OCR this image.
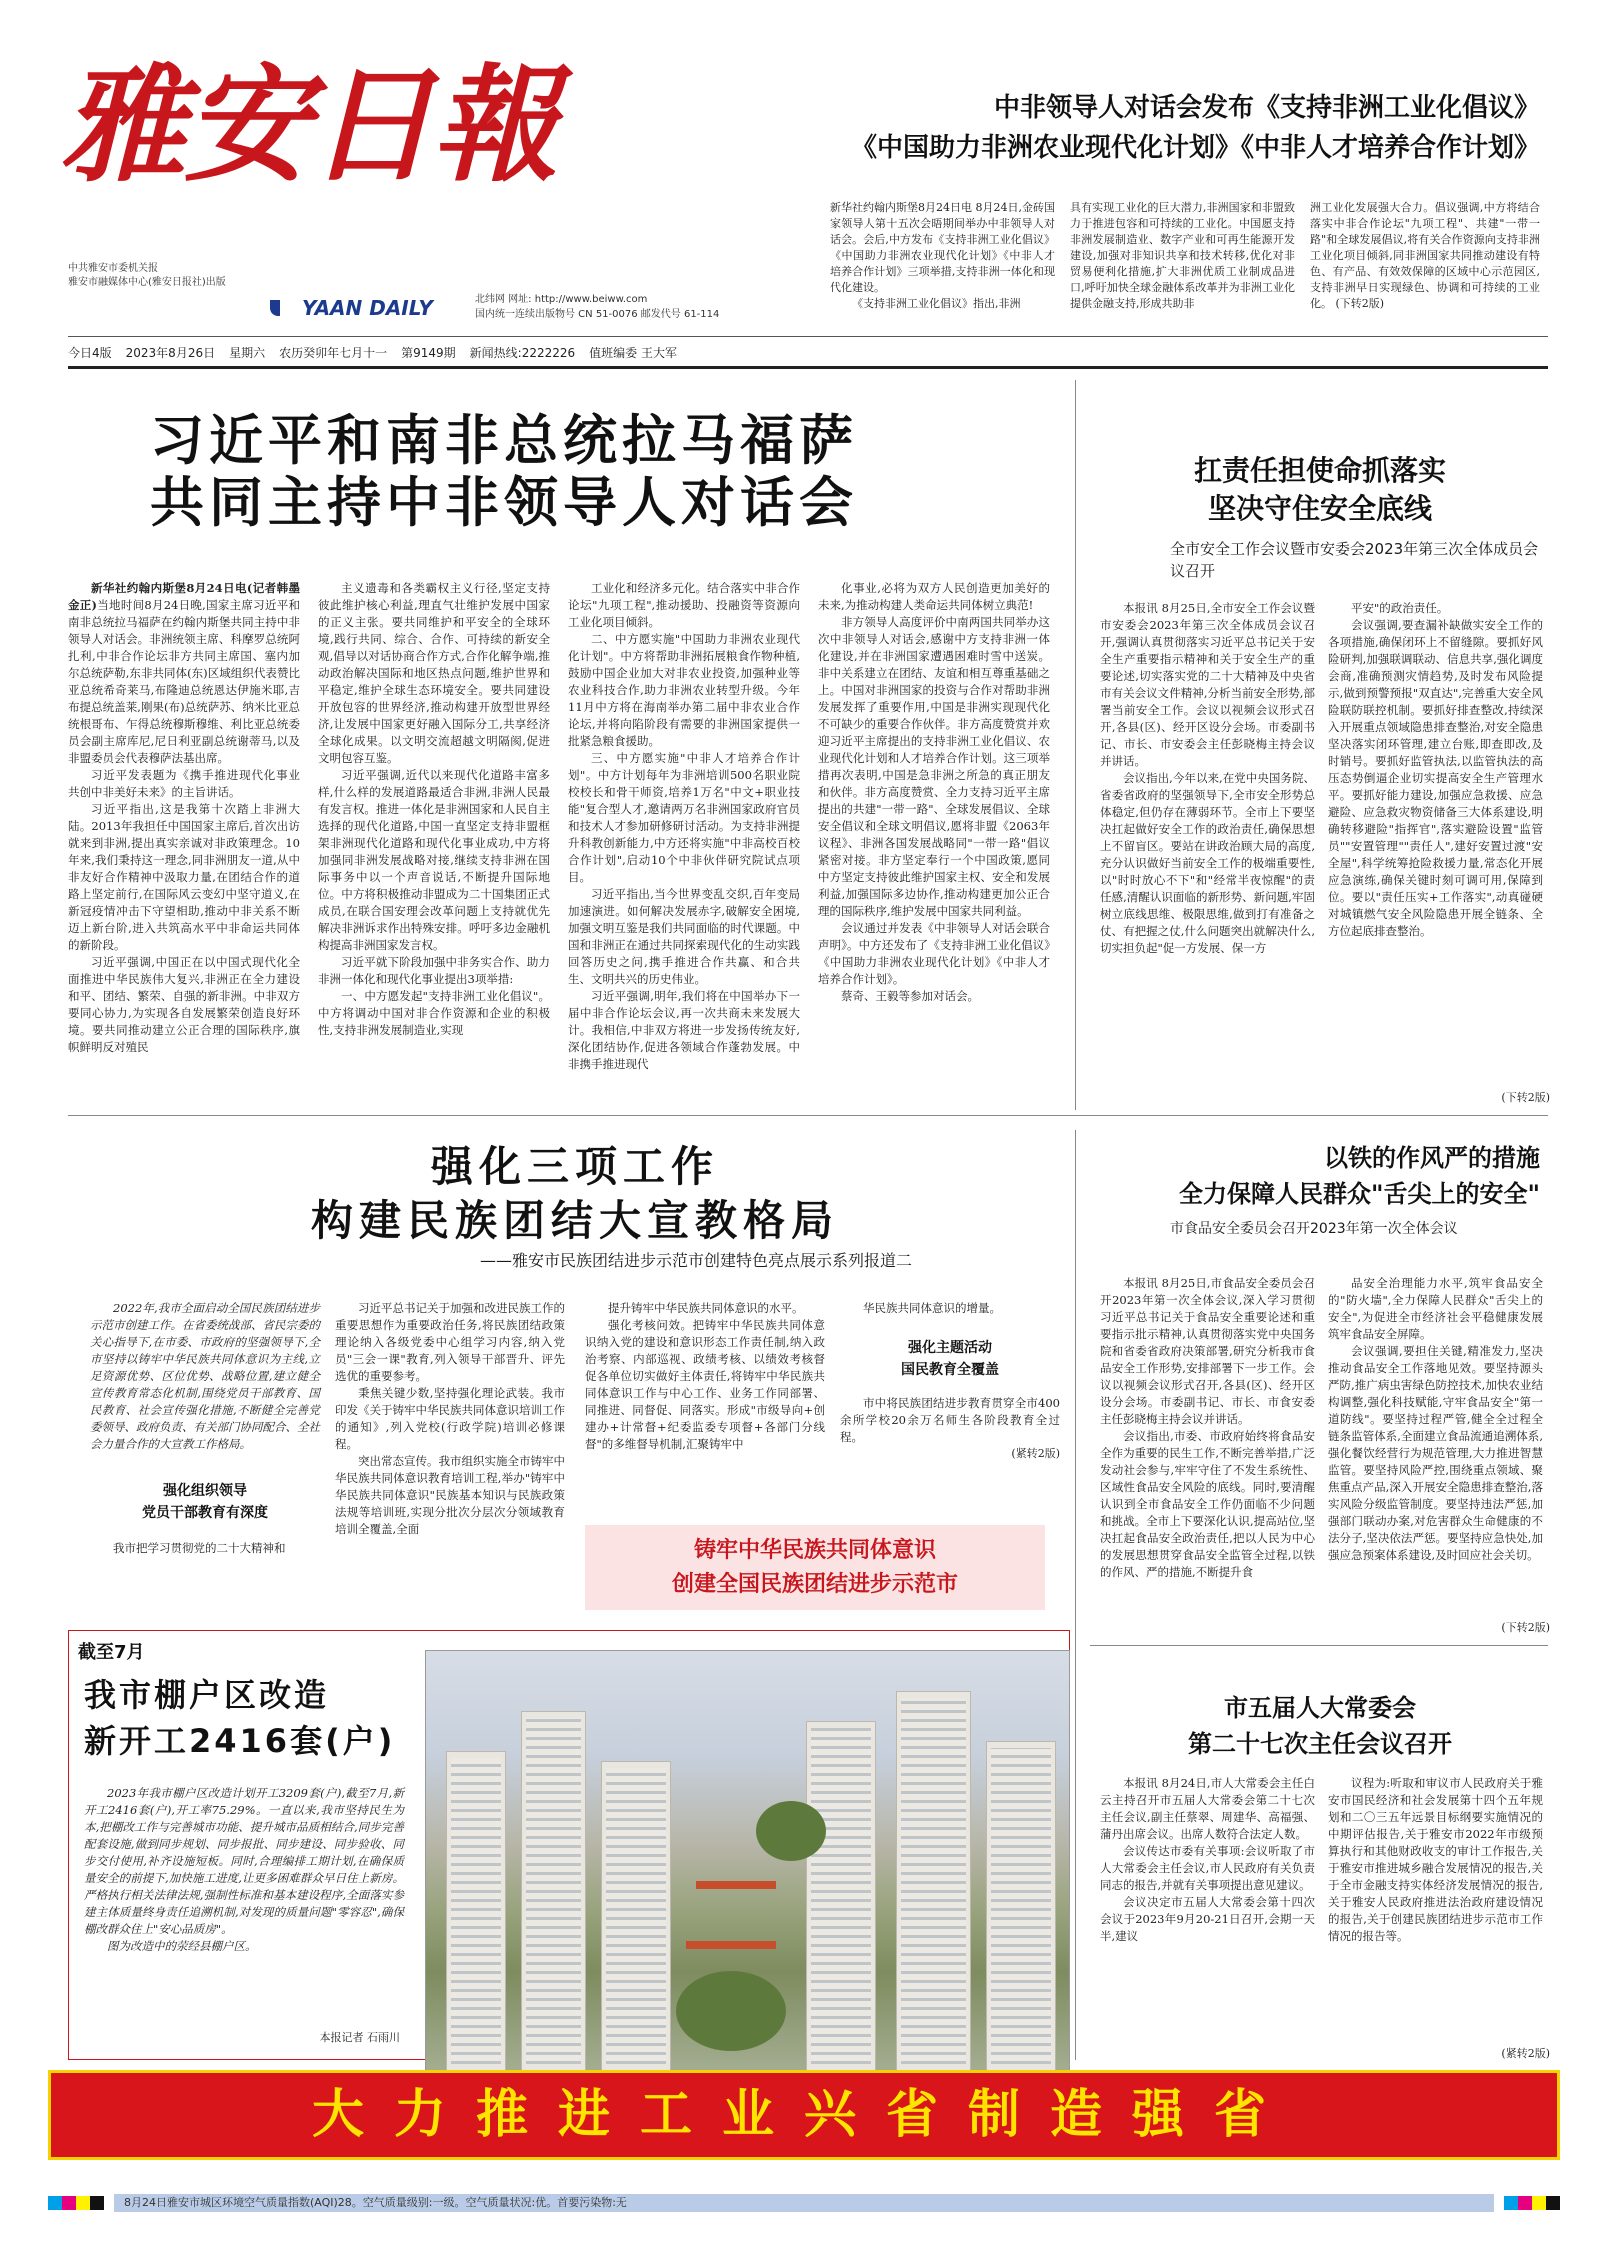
雅安日報
中共雅安市委机关报
雅安市融媒体中心(雅安日报社)出版
YAAN DAILY	北纬网 网址: http://www.beiww.com
国内统一连续出版物号 CN 51-0076 邮发代号 61-114
中非领导人对话会发布《支持非洲工业化倡议》
《中国助力非洲农业现代化计划》《中非人才培养合作计划》

新华社约翰内斯堡8月24日电 8月24日,金砖国家领导人第十五次会晤期间举办中非领导人对话会。会后,中方发布《支持非洲工业化倡议》《中国助力非洲农业现代化计划》《中非人才培养合作计划》三项举措,支持非洲一体化和现代化建设。

《支持非洲工业化倡议》指出,非洲

具有实现工业化的巨大潜力,非洲国家和非盟致力于推进包容和可持续的工业化。中国愿支持非洲发展制造业、数字产业和可再生能源开发建设,加强对非知识共享和技术转移,优化对非贸易便利化措施,扩大非洲优质工业制成品进口,呼吁加快全球金融体系改革并为非洲工业化提供金融支持,形成共助非
洲工业化发展强大合力。倡议强调,中方将结合落实中非合作论坛"九项工程"、共建"一带一路"和全球发展倡议,将有关合作资源向支持非洲工业化项目倾斜,同非洲国家共同推动建设有特色、有产品、有效效保障的区域中心示范园区,支持非洲早日实现绿色、协调和可持续的工业化。 (下转2版)
今日4版 2023年8月26日 星期六 农历癸卯年七月十一 第9149期 新闻热线:2222226 值班编委 王大军
习近平和南非总统拉马福萨
共同主持中非领导人对话会

新华社约翰内斯堡8月24日电(记者韩墨 金正)当地时间8月24日晚,国家主席习近平和南非总统拉马福萨在约翰内斯堡共同主持中非领导人对话会。非洲统领主席、科摩罗总统阿扎利,中非合作论坛非方共同主席国、塞内加尔总统萨勒,东非共同体(东)区域组织代表赞比亚总统希奇莱马,布隆迪总统恩达伊施米耶,吉布提总统盖莱,刚果(布)总统萨苏、纳米比亚总统根哥布、乍得总统穆斯穆维、利比亚总统委员会副主席库尼,尼日利亚副总统谢蒂马,以及非盟委员会代表穆萨法基出席。

习近平发表题为《携手推进现代化事业 共创中非美好未来》的主旨讲话。

习近平指出,这是我第十次踏上非洲大陆。2013年我担任中国国家主席后,首次出访就来到非洲,提出真实亲诚对非政策理念。10年来,我们秉持这一理念,同非洲朋友一道,从中非友好合作精神中汲取力量,在团结合作的道路上坚定前行,在国际风云变幻中坚守道义,在新冠疫情冲击下守望相助,推动中非关系不断迈上新台阶,进入共筑高水平中非命运共同体的新阶段。

习近平强调,中国正在以中国式现代化全面推进中华民族伟大复兴,非洲正在全力建设和平、团结、繁荣、自强的新非洲。中非双方要同心协力,为实现各自发展繁荣创造良好环境。要共同推动建立公正合理的国际秩序,旗帜鲜明反对殖民

主义遗毒和各类霸权主义行径,坚定支持彼此维护核心利益,理直气壮维护发展中国家的正义主张。要共同维护和平安全的全球环境,践行共同、综合、合作、可持续的新安全观,倡导以对话协商合作方式,合作化解争端,推动政治解决国际和地区热点问题,维护世界和平稳定,维护全球生态环境安全。要共同建设开放包容的世界经济,推动构建开放型世界经济,让发展中国家更好融入国际分工,共享经济全球化成果。以文明交流超越文明隔阂,促进文明包容互鉴。

习近平强调,近代以来现代化道路丰富多样,什么样的发展道路最适合非洲,非洲人民最有发言权。推进一体化是非洲国家和人民自主选择的现代化道路,中国一直坚定支持非盟框架非洲现代化道路和现代化事业成功,中方将加强同非洲发展战略对接,继续支持非洲在国际事务中以一个声音说话,不断提升国际地位。中方将积极推动非盟成为二十国集团正式成员,在联合国安理会改革问题上支持就优先解决非洲诉求作出特殊安排。呼吁多边金融机构提高非洲国家发言权。

习近平就下阶段加强中非务实合作、助力非洲一体化和现代化事业提出3项举措:

一、中方愿发起"支持非洲工业化倡议"。中方将调动中国对非合作资源和企业的积极性,支持非洲发展制造业,实现

工业化和经济多元化。结合落实中非合作论坛"九项工程",推动援助、投融资等资源向工业化项目倾斜。

二、中方愿实施"中国助力非洲农业现代化计划"。中方将帮助非洲拓展粮食作物种植,鼓励中国企业加大对非农业投资,加强种业等农业科技合作,助力非洲农业转型升级。今年11月中方将在海南举办第二届中非农业合作论坛,并将向陷阶段有需要的非洲国家提供一批紧急粮食援助。

三、中方愿实施"中非人才培养合作计划"。中方计划每年为非洲培训500名职业院校校长和骨干师资,培养1万名"中文+职业技能"复合型人才,邀请两万名非洲国家政府官员和技术人才参加研修研讨活动。为支持非洲提升科教创新能力,中方还将实施"中非高校百校合作计划",启动10个中非伙伴研究院试点项目。

习近平指出,当今世界变乱交织,百年变局加速演进。如何解决发展赤字,破解安全困境,加强文明互鉴是我们共同面临的时代课题。中国和非洲正在通过共同探索现代化的生动实践回答历史之问,携手推进合作共赢、和合共生、文明共兴的历史伟业。

习近平强调,明年,我们将在中国举办下一届中非合作论坛会议,再一次共商未来发展大计。我相信,中非双方将进一步发扬传统友好,深化团结协作,促进各领域合作蓬勃发展。中非携手推进现代

化事业,必将为双方人民创造更加美好的未来,为推动构建人类命运共同体树立典范!

非方领导人高度评价中南两国共同举办这次中非领导人对话会,感谢中方支持非洲一体化建设,并在非洲国家遭遇困难时雪中送炭。非中关系建立在团结、友谊和相互尊重基础之上。中国对非洲国家的投资与合作对帮助非洲发展发挥了重要作用,中国是非洲实现现代化不可缺少的重要合作伙伴。非方高度赞赏并欢迎习近平主席提出的支持非洲工业化倡议、农业现代化计划和人才培养合作计划。这三项举措再次表明,中国是急非洲之所急的真正朋友和伙伴。非方高度赞赏、全力支持习近平主席提出的共建"一带一路"、全球发展倡议、全球安全倡议和全球文明倡议,愿将非盟《2063年议程》、非洲各国发展战略同"一带一路"倡议紧密对接。非方坚定奉行一个中国政策,愿同中方坚定支持彼此维护国家主权、安全和发展利益,加强国际多边协作,推动构建更加公正合理的国际秩序,维护发展中国家共同利益。

会议通过并发表《中非领导人对话会联合声明》。中方还发布了《支持非洲工业化倡议》《中国助力非洲农业现代化计划》《中非人才培养合作计划》。

蔡奇、王毅等参加对话会。

扛责任担使命抓落实
坚决守住安全底线
全市安全工作会议暨市安委会2023年第三次全体成员会议召开

本报讯 8月25日,全市安全工作会议暨市安委会2023年第三次全体成员会议召开,强调认真贯彻落实习近平总书记关于安全生产重要指示精神和关于安全生产的重要论述,切实落实党的二十大精神及中央省市有关会议文件精神,分析当前安全形势,部署当前安全工作。会议以视频会议形式召开,各县(区)、经开区设分会场。市委副书记、市长、市安委会主任彭晓梅主持会议并讲话。

会议指出,今年以来,在党中央国务院、省委省政府的坚强领导下,全市安全形势总体稳定,但仍存在薄弱环节。全市上下要坚决扛起做好安全工作的政治责任,确保思想上不留盲区。要站在讲政治顾大局的高度,充分认识做好当前安全工作的极端重要性,以"时时放心不下"和"经常半夜惊醒"的责任感,清醒认识面临的新形势、新问题,牢固树立底线思维、极限思维,做到打有准备之仗、有把握之仗,什么问题突出就解决什么,切实担负起"促一方发展、保一方

平安"的政治责任。

会议强调,要查漏补缺做实安全工作的各项措施,确保闭环上不留缝隙。要抓好风险研判,加强联调联动、信息共享,强化调度会商,准确预测灾情趋势,及时发布风险提示,做到预警预报"双直达",完善重大安全风险联防联控机制。要抓好排查整改,持续深入开展重点领域隐患排查整治,对安全隐患坚决落实闭环管理,建立台账,即查即改,及时销号。要抓好监管执法,以监管执法的高压态势倒逼企业切实提高安全生产管理水平。要抓好能力建设,加强应急救援、应急避险、应急救灾物资储备三大体系建设,明确转移避险"指挥官",落实避险设置"监管员""安置管理""责任人",建好安置过渡"安全屋",科学统筹抢险救援力量,常态化开展应急演练,确保关键时刻可调可用,保障到位。要以"责任压实+工作落实",动真碰硬对城镇燃气安全风险隐患开展全链条、全方位起底排查整治。

(下转2版)
强化三项工作
构建民族团结大宣教格局
——雅安市民族团结进步示范市创建特色亮点展示系列报道二
2022年,我市全面启动全国民族团结进步示范市创建工作。在省委统战部、省民宗委的关心指导下,在市委、市政府的坚强领导下,全市坚持以铸牢中华民族共同体意识为主线,立足资源优势、区位优势、战略位置,建立健全宣传教育常态化机制,围绕党员干部教育、国民教育、社会宣传强化措施,不断健全完善党委领导、政府负责、有关部门协同配合、全社会力量合作的大宣教工作格局。
强化组织领导
党员干部教育有深度
我市把学习贯彻党的二十大精神和

习近平总书记关于加强和改进民族工作的重要思想作为重要政治任务,将民族团结政策理论纳入各级党委中心组学习内容,纳入党员"三会一课"教育,列入领导干部晋升、评先选优的重要参考。

秉焦关键少数,坚持强化理论武装。我市印发《关于铸牢中华民族共同体意识培训工作的通知》,列入党校(行政学院)培训必修课程。

突出常态宣传。我市组织实施全市铸牢中华民族共同体意识教育培训工程,举办"铸牢中华民族共同体意识"民族基本知识与民族政策法规等培训班,实现分批次分层次分领域教育培训全覆盖,全面

提升铸牢中华民族共同体意识的水平。

强化考核问效。把铸牢中华民族共同体意识纳入党的建设和意识形态工作责任制,纳入政治考察、内部巡视、政绩考核、以绩效考核督促各单位切实做好主体责任,将铸牢中华民族共同体意识工作与中心工作、业务工作同部署、同推进、同督促、同落实。形成"市级导向+创建办+计常督+纪委监委专项督+各部门分线督"的多维督导机制,汇聚铸牢中

华民族共同体意识的增量。
强化主题活动
国民教育全覆盖
市中将民族团结进步教育贯穿全市400余所学校20余万名师生各阶段教育全过程。
(紧转2版)
铸牢中华民族共同体意识
创建全国民族团结进步示范市
截至7月
我市棚户区改造
新开工2416套(户)

2023年我市棚户区改造计划开工3209套(户),截至7月,新开工2416套(户),开工率75.29%。一直以来,我市坚持民生为本,把棚改工作与完善城市功能、提升城市品质相结合,同步完善配套设施,做到同步规划、同步报批、同步建设、同步验收、同步交付使用,补齐设施短板。同时,合理编排工期计划,在确保质量安全的前提下,加快施工进度,让更多困难群众早日住上新房。严格执行相关法律法规,强制性标准和基本建设程序,全面落实参建主体质量终身责任追溯机制,对发现的质量问题"零容忍",确保棚改群众住上"安心品质房"。

图为改造中的荥经县棚户区。

本报记者 石雨川
以铁的作风严的措施
全力保障人民群众"舌尖上的安全"
市食品安全委员会召开2023年第一次全体会议

本报讯 8月25日,市食品安全委员会召开2023年第一次全体会议,深入学习贯彻习近平总书记关于食品安全重要论述和重要指示批示精神,认真贯彻落实党中央国务院和省委省政府决策部署,研究分析我市食品安全工作形势,安排部署下一步工作。会议以视频会议形式召开,各县(区)、经开区设分会场。市委副书记、市长、市食安委主任彭晓梅主持会议并讲话。

会议指出,市委、市政府始终将食品安全作为重要的民生工作,不断完善举措,广泛发动社会参与,牢牢守住了不发生系统性、区域性食品安全风险的底线。同时,要清醒认识到全市食品安全工作仍面临不少问题和挑战。全市上下要深化认识,提高站位,坚决扛起食品安全政治责任,把以人民为中心的发展思想贯穿食品安全监管全过程,以铁的作风、严的措施,不断提升食

品安全治理能力水平,筑牢食品安全的"防火墙",全力保障人民群众"舌尖上的安全",为促进全市经济社会平稳健康发展筑牢食品安全屏障。

会议强调,要担住关键,精准发力,坚决推动食品安全工作落地见效。要坚持源头严防,推广病虫害绿色防控技术,加快农业结构调整,强化科技赋能,守牢食品安全"第一道防线"。要坚持过程严管,健全全过程全链条监管体系,全面建立食品流通追溯体系,强化餐饮经营行为规范管理,大力推进智慧监管。要坚持风险严控,围绕重点领域、聚焦重点产品,深入开展安全隐患排查整治,落实风险分级监管制度。要坚持违法严惩,加强部门联动办案,对危害群众生命健康的不法分子,坚决依法严惩。要坚持应急快处,加强应急预案体系建设,及时回应社会关切。

(下转2版)
市五届人大常委会
第二十七次主任会议召开

本报讯 8月24日,市人大常委会主任白云主持召开市五届人大常委会第二十七次主任会议,副主任蔡翠、周建华、高福强、蒲丹出席会议。出席人数符合法定人数。

会议传达市委有关事项:会议听取了市人大常委会主任会议,市人民政府有关负责同志的报告,并就有关事项提出意见建议。

会议决定市五届人大常委会第十四次会议于2023年9月20-21日召开,会期一天半,建议

议程为:听取和审议市人民政府关于雅安市国民经济和社会发展第十四个五年规划和二〇三五年远景目标纲要实施情况的中期评估报告,关于雅安市2022年市级预算执行和其他财政收支的审计工作报告,关于雅安市推进城乡融合发展情况的报告,关于全市金融支持实体经济发展情况的报告,关于雅安人民政府推进法治政府建设情况的报告,关于创建民族团结进步示范市工作情况的报告等。
(紧转2版)
大力推进工业兴省制造强省
8月24日雅安市城区环境空气质量指数(AQI)28。空气质量级别:一级。空气质量状况:优。首要污染物:无
